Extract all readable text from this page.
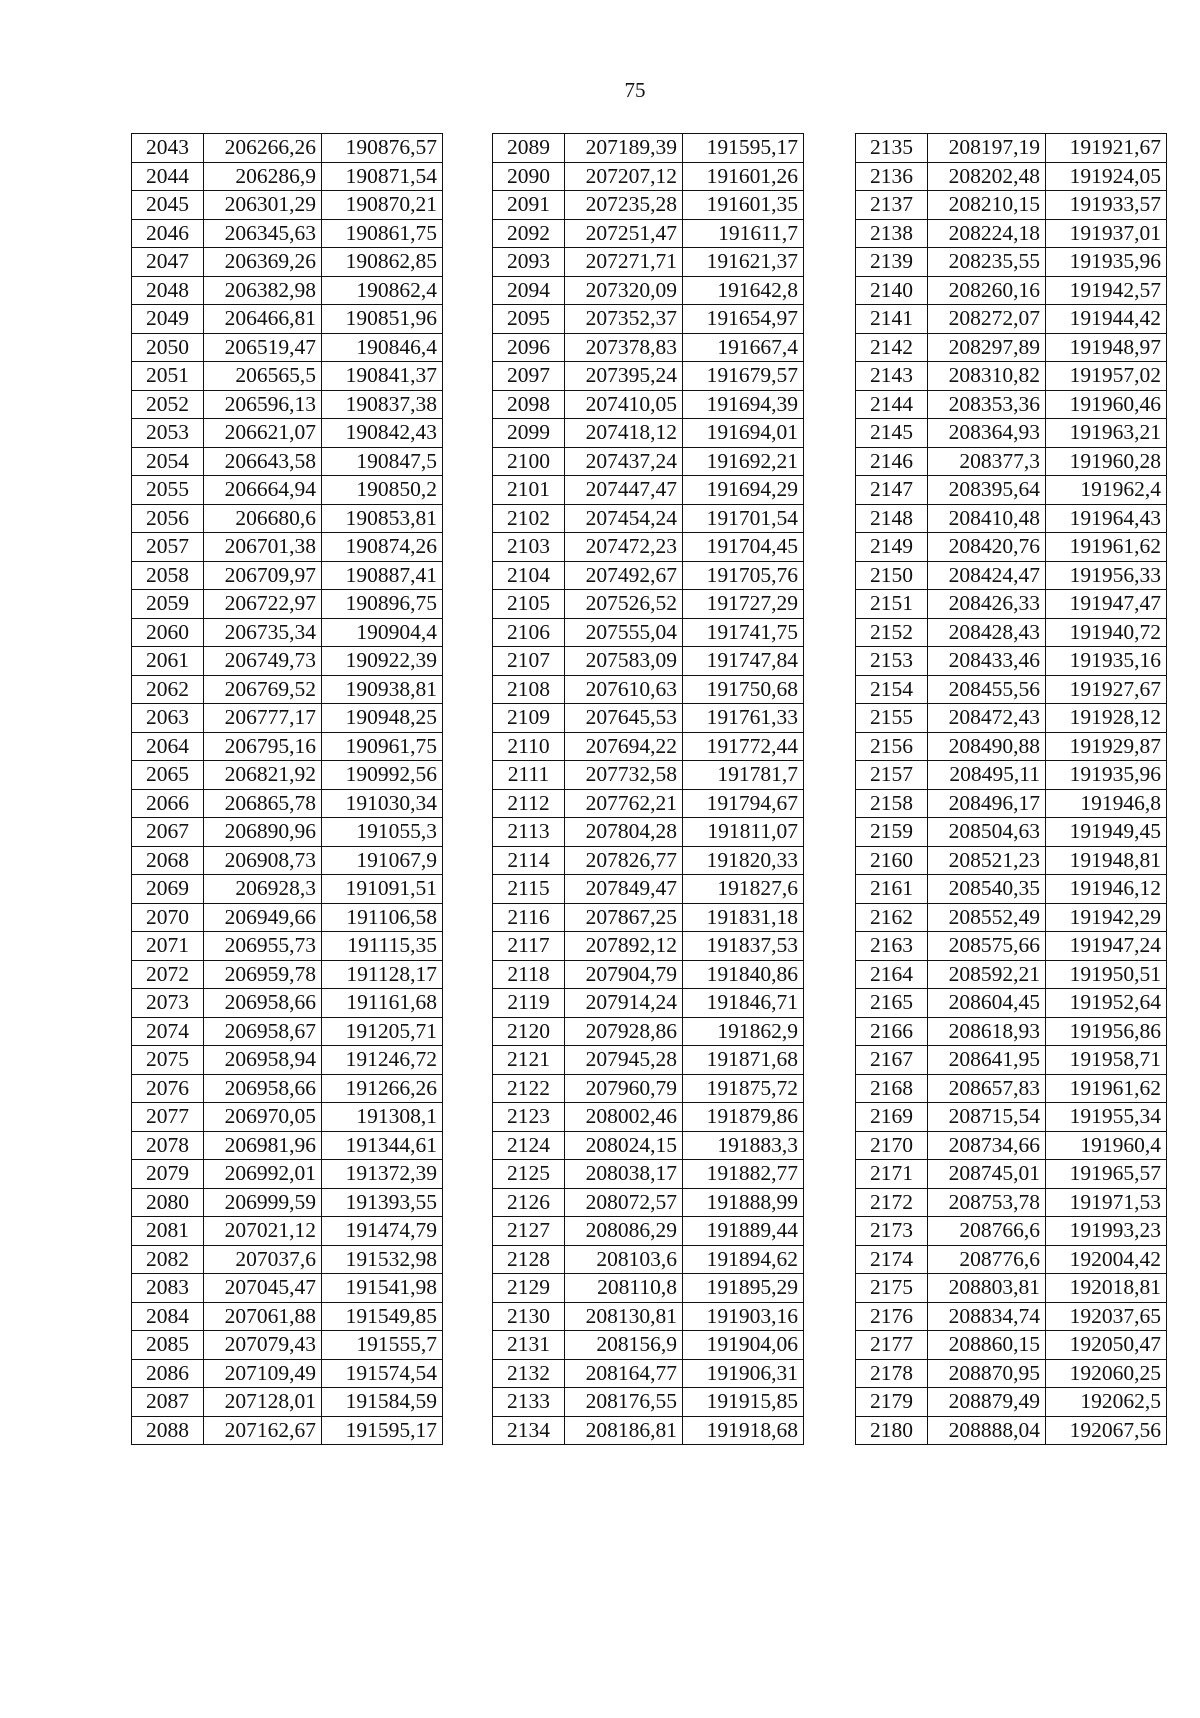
75
2043	206266,26	190876,57
2044	206286,9	190871,54
2045	206301,29	190870,21
2046	206345,63	190861,75
2047	206369,26	190862,85
2048	206382,98	190862,4
2049	206466,81	190851,96
2050	206519,47	190846,4
2051	206565,5	190841,37
2052	206596,13	190837,38
2053	206621,07	190842,43
2054	206643,58	190847,5
2055	206664,94	190850,2
2056	206680,6	190853,81
2057	206701,38	190874,26
2058	206709,97	190887,41
2059	206722,97	190896,75
2060	206735,34	190904,4
2061	206749,73	190922,39
2062	206769,52	190938,81
2063	206777,17	190948,25
2064	206795,16	190961,75
2065	206821,92	190992,56
2066	206865,78	191030,34
2067	206890,96	191055,3
2068	206908,73	191067,9
2069	206928,3	191091,51
2070	206949,66	191106,58
2071	206955,73	191115,35
2072	206959,78	191128,17
2073	206958,66	191161,68
2074	206958,67	191205,71
2075	206958,94	191246,72
2076	206958,66	191266,26
2077	206970,05	191308,1
2078	206981,96	191344,61
2079	206992,01	191372,39
2080	206999,59	191393,55
2081	207021,12	191474,79
2082	207037,6	191532,98
2083	207045,47	191541,98
2084	207061,88	191549,85
2085	207079,43	191555,7
2086	207109,49	191574,54
2087	207128,01	191584,59
2088	207162,67	191595,17
2089	207189,39	191595,17
2090	207207,12	191601,26
2091	207235,28	191601,35
2092	207251,47	191611,7
2093	207271,71	191621,37
2094	207320,09	191642,8
2095	207352,37	191654,97
2096	207378,83	191667,4
2097	207395,24	191679,57
2098	207410,05	191694,39
2099	207418,12	191694,01
2100	207437,24	191692,21
2101	207447,47	191694,29
2102	207454,24	191701,54
2103	207472,23	191704,45
2104	207492,67	191705,76
2105	207526,52	191727,29
2106	207555,04	191741,75
2107	207583,09	191747,84
2108	207610,63	191750,68
2109	207645,53	191761,33
2110	207694,22	191772,44
2111	207732,58	191781,7
2112	207762,21	191794,67
2113	207804,28	191811,07
2114	207826,77	191820,33
2115	207849,47	191827,6
2116	207867,25	191831,18
2117	207892,12	191837,53
2118	207904,79	191840,86
2119	207914,24	191846,71
2120	207928,86	191862,9
2121	207945,28	191871,68
2122	207960,79	191875,72
2123	208002,46	191879,86
2124	208024,15	191883,3
2125	208038,17	191882,77
2126	208072,57	191888,99
2127	208086,29	191889,44
2128	208103,6	191894,62
2129	208110,8	191895,29
2130	208130,81	191903,16
2131	208156,9	191904,06
2132	208164,77	191906,31
2133	208176,55	191915,85
2134	208186,81	191918,68
2135	208197,19	191921,67
2136	208202,48	191924,05
2137	208210,15	191933,57
2138	208224,18	191937,01
2139	208235,55	191935,96
2140	208260,16	191942,57
2141	208272,07	191944,42
2142	208297,89	191948,97
2143	208310,82	191957,02
2144	208353,36	191960,46
2145	208364,93	191963,21
2146	208377,3	191960,28
2147	208395,64	191962,4
2148	208410,48	191964,43
2149	208420,76	191961,62
2150	208424,47	191956,33
2151	208426,33	191947,47
2152	208428,43	191940,72
2153	208433,46	191935,16
2154	208455,56	191927,67
2155	208472,43	191928,12
2156	208490,88	191929,87
2157	208495,11	191935,96
2158	208496,17	191946,8
2159	208504,63	191949,45
2160	208521,23	191948,81
2161	208540,35	191946,12
2162	208552,49	191942,29
2163	208575,66	191947,24
2164	208592,21	191950,51
2165	208604,45	191952,64
2166	208618,93	191956,86
2167	208641,95	191958,71
2168	208657,83	191961,62
2169	208715,54	191955,34
2170	208734,66	191960,4
2171	208745,01	191965,57
2172	208753,78	191971,53
2173	208766,6	191993,23
2174	208776,6	192004,42
2175	208803,81	192018,81
2176	208834,74	192037,65
2177	208860,15	192050,47
2178	208870,95	192060,25
2179	208879,49	192062,5
2180	208888,04	192067,56
